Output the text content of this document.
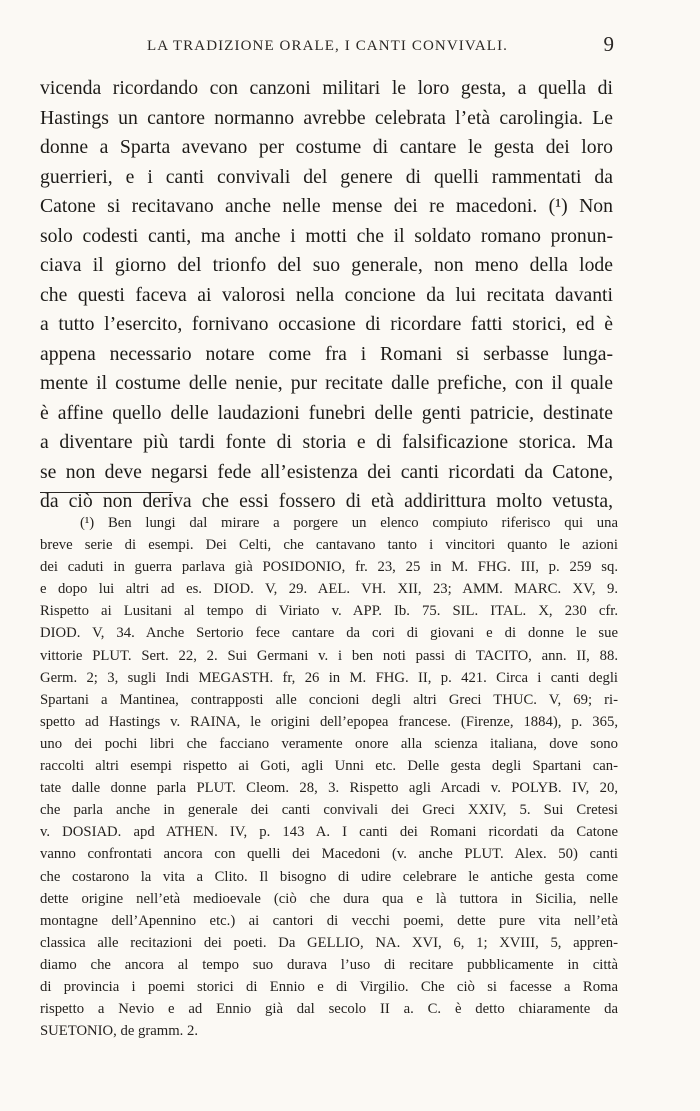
LA TRADIZIONE ORALE, I CANTI CONVIVALI.	9
vicenda ricordando con canzoni militari le loro gesta, a quella di
Hastings un cantore normanno avrebbe celebrata l’età carolingia. Le
donne a Sparta avevano per costume di cantare le gesta dei loro
guerrieri, e i canti convivali del genere di quelli rammentati da
Catone si recitavano anche nelle mense dei re macedoni. (¹) Non
solo codesti canti, ma anche i motti che il soldato romano pronun-
ciava il giorno del trionfo del suo generale, non meno della lode
che questi faceva ai valorosi nella concione da lui recitata davanti
a tutto l’esercito, fornivano occasione di ricordare fatti storici, ed è
appena necessario notare come fra i Romani si serbasse lunga-
mente il costume delle nenie, pur recitate dalle prefiche, con il quale
è affine quello delle laudazioni funebri delle genti patricie, destinate
a diventare più tardi fonte di storia e di falsificazione storica. Ma
se non deve negarsi fede all’esistenza dei canti ricordati da Catone,
da ciò non deriva che essi fossero di età addirittura molto vetusta,
(¹) Ben lungi dal mirare a porgere un elenco compiuto riferisco qui una
breve serie di esempi. Dei Celti, che cantavano tanto i vincitori quanto le azioni
dei caduti in guerra parlava già POSIDONIO, fr. 23, 25 in M. FHG. III, p. 259 sq.
e dopo lui altri ad es. DIOD. V, 29. AEL. VH. XII, 23; AMM. MARC. XV, 9.
Rispetto ai Lusitani al tempo di Viriato v. APP. Ib. 75. SIL. ITAL. X, 230 cfr.
DIOD. V, 34. Anche Sertorio fece cantare da cori di giovani e di donne le sue
vittorie PLUT. Sert. 22, 2. Sui Germani v. i ben noti passi di TACITO, ann. II, 88.
Germ. 2; 3, sugli Indi MEGASTH. fr, 26 in M. FHG. II, p. 421. Circa i canti degli
Spartani a Mantinea, contrapposti alle concioni degli altri Greci THUC. V, 69; ri-
spetto ad Hastings v. RAINA, le origini dell’epopea francese. (Firenze, 1884), p. 365,
uno dei pochi libri che facciano veramente onore alla scienza italiana, dove sono
raccolti altri esempi rispetto ai Goti, agli Unni etc. Delle gesta degli Spartani can-
tate dalle donne parla PLUT. Cleom. 28, 3. Rispetto agli Arcadi v. POLYB. IV, 20,
che parla anche in generale dei canti convivali dei Greci XXIV, 5. Sui Cretesi
v. DOSIAD. apd ATHEN. IV, p. 143 A. I canti dei Romani ricordati da Catone
vanno confrontati ancora con quelli dei Macedoni (v. anche PLUT. Alex. 50) canti
che costarono la vita a Clito. Il bisogno di udire celebrare le antiche gesta come
dette origine nell’età medioevale (ciò che dura qua e là tuttora in Sicilia, nelle
montagne dell’Apennino etc.) ai cantori di vecchi poemi, dette pure vita nell’età
classica alle recitazioni dei poeti. Da GELLIO, NA. XVI, 6, 1; XVIII, 5, appren-
diamo che ancora al tempo suo durava l’uso di recitare pubblicamente in città
di provincia i poemi storici di Ennio e di Virgilio. Che ciò si facesse a Roma
rispetto a Nevio e ad Ennio già dal secolo II a. C. è detto chiaramente da
SUETONIO, de gramm. 2.
